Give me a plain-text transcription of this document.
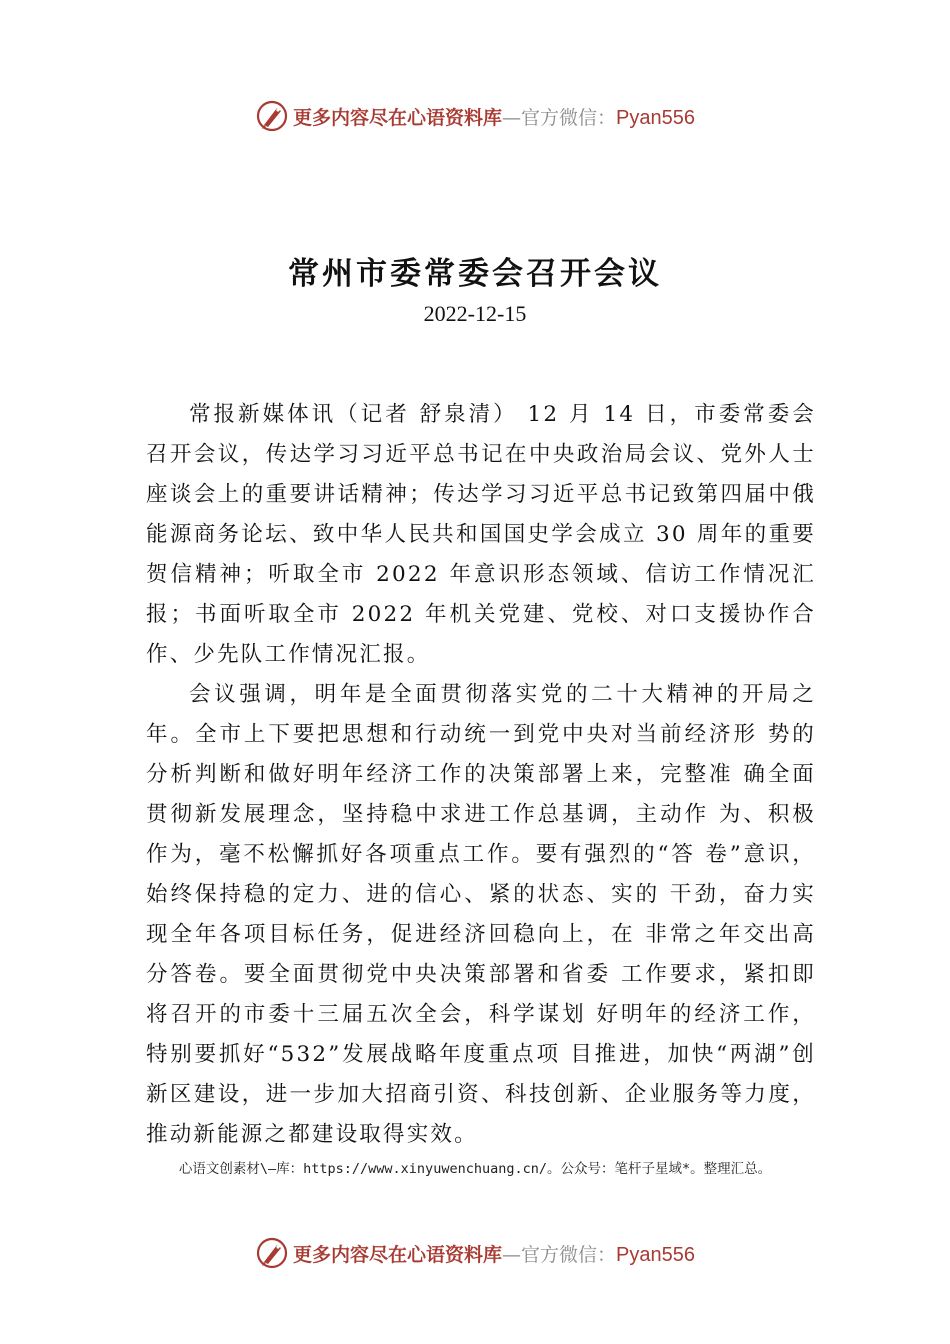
更多内容尽在心语资料库—官方微信：Pyan556
常州市委常委会召开会议
2022-12-15

常报新媒体讯（记者 舒泉清） 12 月 14 日，市委常委会召开会议，传达学习习近平总书记在中央政治局会议、党外人士座谈会上的重要讲话精神；传达学习习近平总书记致第四届中俄能源商务论坛、致中华人民共和国国史学会成立 30 周年的重要贺信精神；听取全市 2022 年意识形态领域、信访工作情况汇报；书面听取全市 2022 年机关党建、党校、对口支援协作合作、少先队工作情况汇报。

会议强调，明年是全面贯彻落实党的二十大精神的开局之年。全市上下要把思想和行动统一到党中央对当前经济形 势的分析判断和做好明年经济工作的决策部署上来，完整准 确全面贯彻新发展理念，坚持稳中求进工作总基调，主动作 为、积极作为，毫不松懈抓好各项重点工作。要有强烈的“答 卷”意识，始终保持稳的定力、进的信心、紧的状态、实的 干劲，奋力实现全年各项目标任务，促进经济回稳向上，在 非常之年交出高分答卷。要全面贯彻党中央决策部署和省委 工作要求，紧扣即将召开的市委十三届五次全会，科学谋划 好明年的经济工作，特别要抓好“532”发展战略年度重点项 目推进，加快“两湖”创新区建设，进一步加大招商引资、科技创新、企业服务等力度，推动新能源之都建设取得实效。

心语文创素材\—库：https://www.xinyuwenchuang.cn/。公众号：笔杆子星域*。整理汇总。
更多内容尽在心语资料库—官方微信：Pyan556
